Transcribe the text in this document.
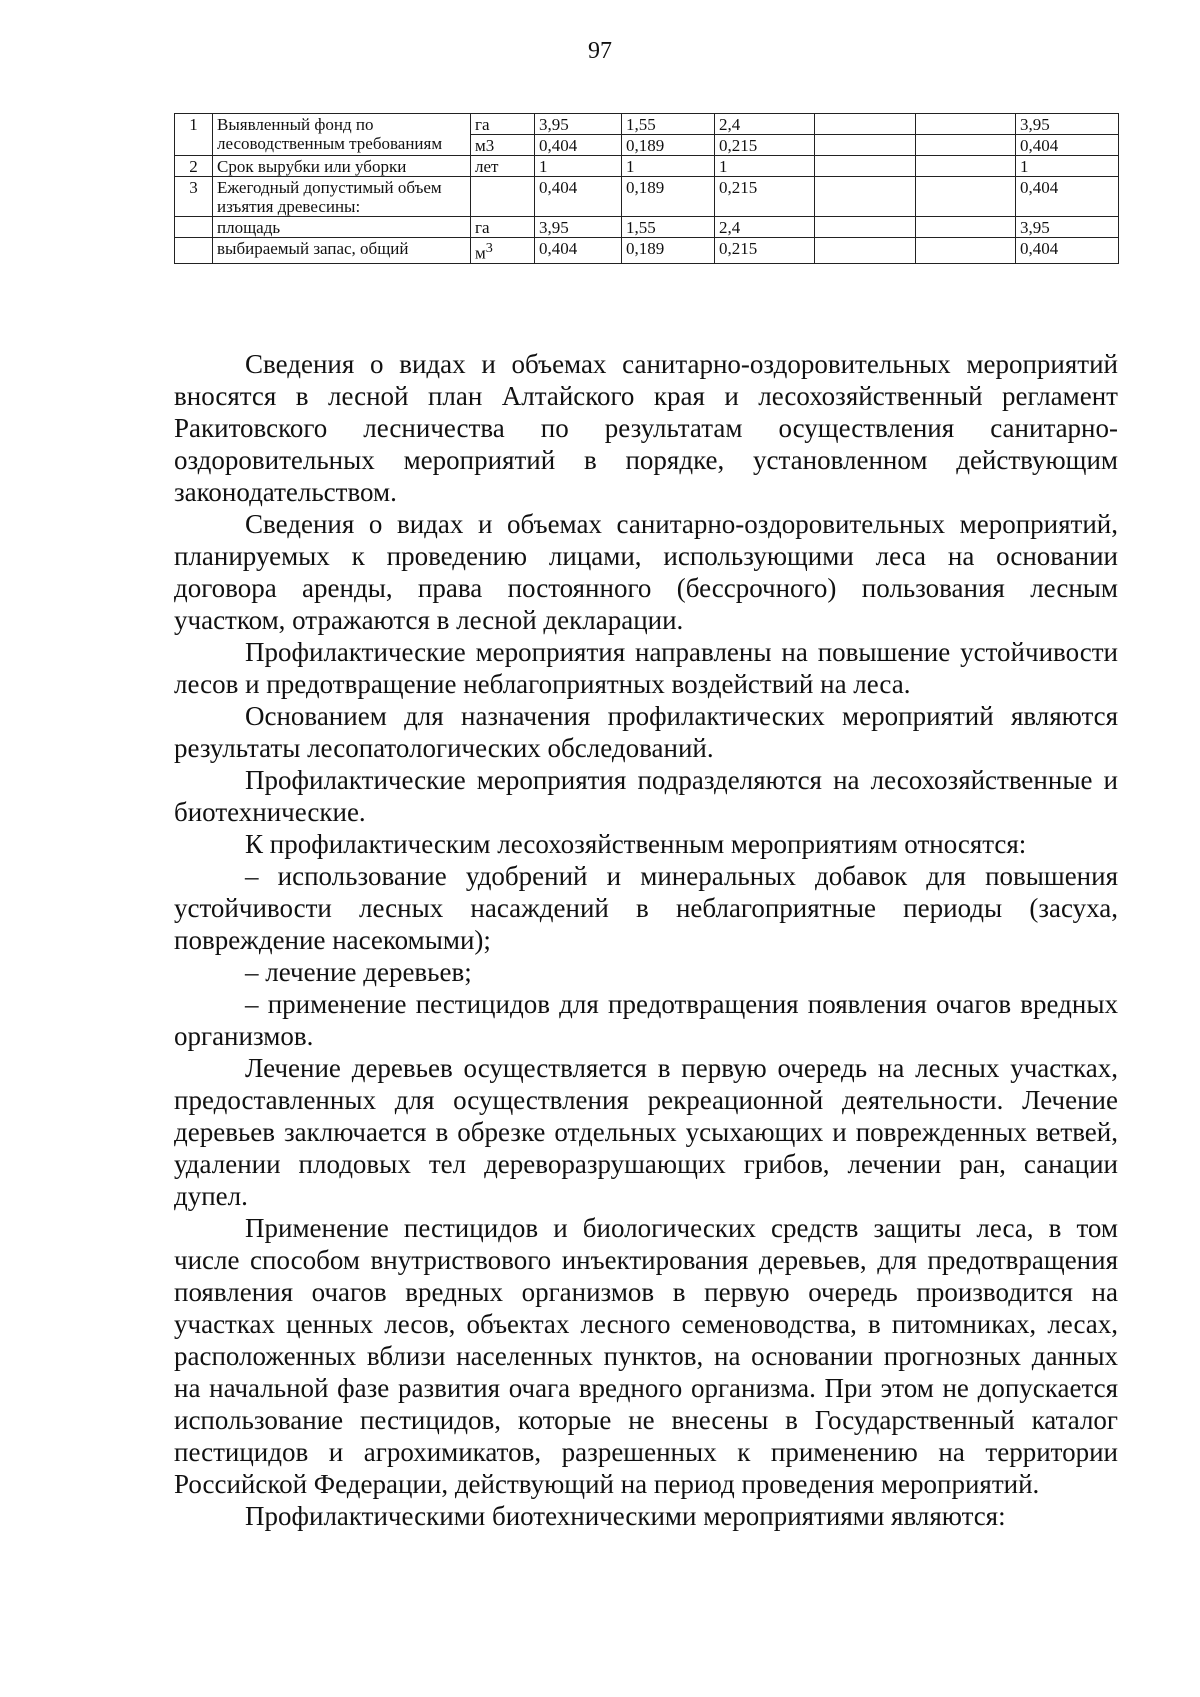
97
1	Выявленный фонд по лесоводственным требованиям	га	3,95	1,55	2,4			3,95
		м3	0,404	0,189	0,215			0,404
2	Срок вырубки или уборки	лет	1	1	1			1
3	Ежегодный допустимый объем изъятия древесины:		0,404	0,189	0,215			0,404
	площадь	га	3,95	1,55	2,4			3,95
	выбираемый запас, общий	$м^3$	0,404	0,189	0,215			0,404

Сведения о видах и объемах санитарно-оздоровительных мероприятий вносятся в лесной план Алтайского края и лесохозяйственный регламент Ракитовского лесничества по результатам осуществления санитарно-оздоровительных мероприятий в порядке, установленном действующим законодательством.

Сведения о видах и объемах санитарно-оздоровительных мероприятий, планируемых к проведению лицами, использующими леса на основании договора аренды, права постоянного (бессрочного) пользования лесным участком, отражаются в лесной декларации.

Профилактические мероприятия направлены на повышение устойчивости лесов и предотвращение неблагоприятных воздействий на леса.

Основанием для назначения профилактических мероприятий являются результаты лесопатологических обследований.

Профилактические мероприятия подразделяются на лесохозяйственные и биотехнические.

К профилактическим лесохозяйственным мероприятиям относятся:

– использование удобрений и минеральных добавок для повышения устойчивости лесных насаждений в неблагоприятные периоды (засуха, повреждение насекомыми);

– лечение деревьев;

– применение пестицидов для предотвращения появления очагов вредных организмов.

Лечение деревьев осуществляется в первую очередь на лесных участках, предоставленных для осуществления рекреационной деятельности. Лечение деревьев заключается в обрезке отдельных усыхающих и поврежденных ветвей, удалении плодовых тел дереворазрушающих грибов, лечении ран, санации дупел.

Применение пестицидов и биологических средств защиты леса, в том числе способом внутриствового инъектирования деревьев, для предотвращения появления очагов вредных организмов в первую очередь производится на участках ценных лесов, объектах лесного семеноводства, в питомниках, лесах, расположенных вблизи населенных пунктов, на основании прогнозных данных на начальной фазе развития очага вредного организма. При этом не допускается использование пестицидов, которые не внесены в Государственный каталог пестицидов и агрохимикатов, разрешенных к применению на территории Российской Федерации, действующий на период проведения мероприятий.

Профилактическими биотехническими мероприятиями являются:
